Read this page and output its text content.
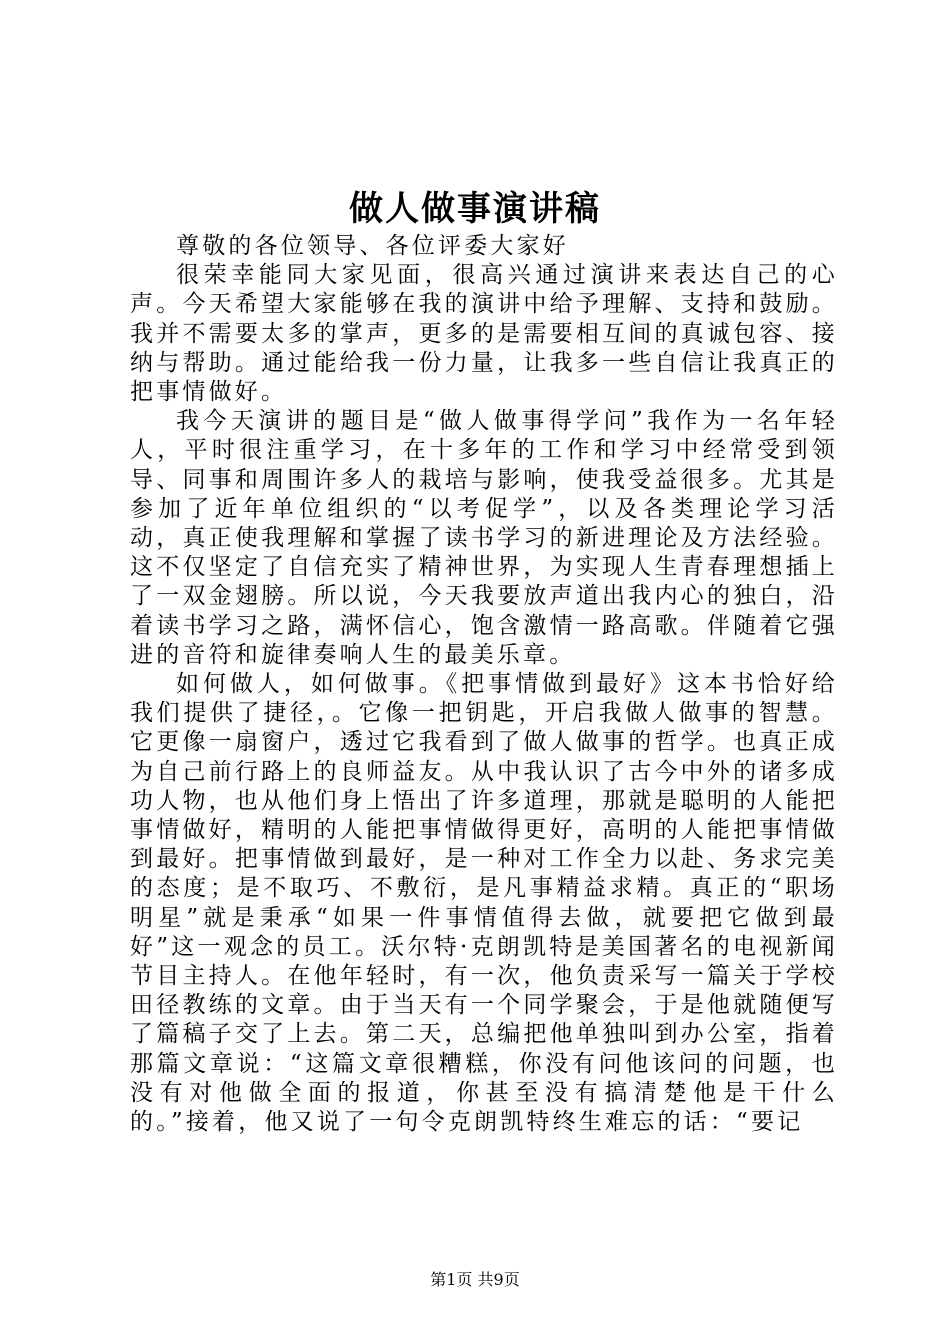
做人做事演讲稿

尊敬的各位领导、各位评委大家好

很荣幸能同大家见面，很高兴通过演讲来表达自己的心声。今天希望大家能够在我的演讲中给予理解、支持和鼓励。我并不需要太多的掌声，更多的是需要相互间的真诚包容、接纳与帮助。通过能给我一份力量，让我多一些自信让我真正的把事情做好。

我今天演讲的题目是“做人做事得学问”我作为一名年轻人，平时很注重学习，在十多年的工作和学习中经常受到领导、同事和周围许多人的栽培与影响，使我受益很多。尤其是参加了近年单位组织的“以考促学”，以及各类理论学习活动，真正使我理解和掌握了读书学习的新进理论及方法经验。这不仅坚定了自信充实了精神世界，为实现人生青春理想插上了一双金翅膀。所以说，今天我要放声道出我内心的独白，沿着读书学习之路，满怀信心，饱含激情一路高歌。伴随着它强进的音符和旋律奏响人生的最美乐章。

如何做人，如何做事。《把事情做到最好》这本书恰好给我们提供了捷径，。它像一把钥匙，开启我做人做事的智慧。它更像一扇窗户，透过它我看到了做人做事的哲学。也真正成为自己前行路上的良师益友。从中我认识了古今中外的诸多成功人物，也从他们身上悟出了许多道理，那就是聪明的人能把事情做好，精明的人能把事情做得更好，高明的人能把事情做到最好。把事情做到最好，是一种对工作全力以赴、务求完美的态度；是不取巧、不敷衍，是凡事精益求精。真正的“职场明星”就是秉承“如果一件事情值得去做，就要把它做到最好”这一观念的员工。沃尔特·克朗凯特是美国著名的电视新闻节目主持人。在他年轻时，有一次，他负责采写一篇关于学校田径教练的文章。由于当天有一个同学聚会，于是他就随便写了篇稿子交了上去。第二天，总编把他单独叫到办公室，指着那篇文章说：“这篇文章很糟糕，你没有问他该问的问题，也没有对他做全面的报道，你甚至没有搞清楚他是干什么的。”接着，他又说了一句令克朗凯特终生难忘的话：“要记

第1页 共9页
